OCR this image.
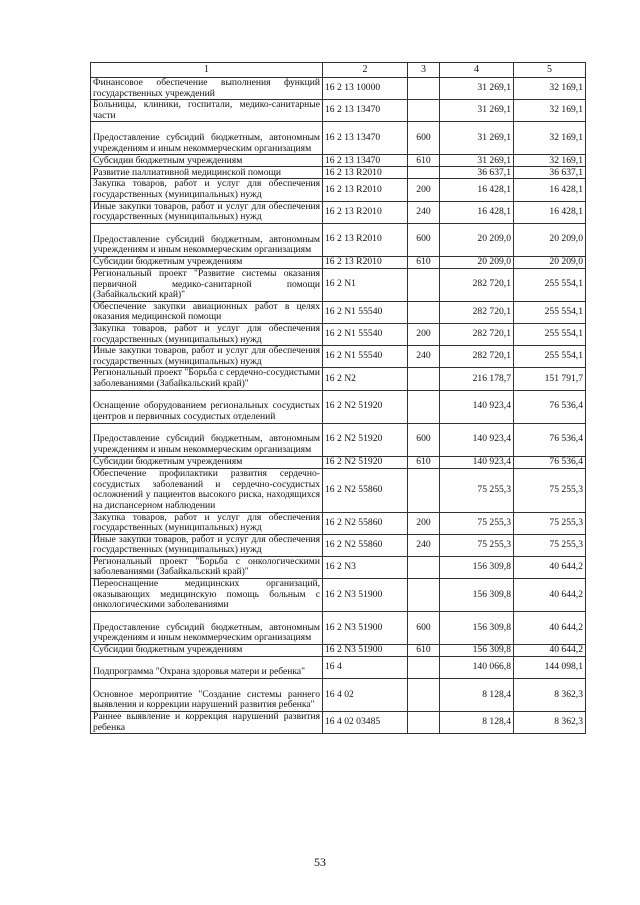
1	2	3	4	5
Финансовое обеспечение выполнения функций государственных учреждений	16 2 13 10000		31 269,1	32 169,1
Больницы, клиники, госпитали, медико-санитарные части	16 2 13 13470		31 269,1	32 169,1
Предоставление субсидий бюджетным, автономным учреждениям и иным некоммерческим организациям	16 2 13 13470	600	31 269,1	32 169,1
Субсидии бюджетным учреждениям	16 2 13 13470	610	31 269,1	32 169,1
Развитие паллиативной медицинской помощи	16 2 13 R2010		36 637,1	36 637,1
Закупка товаров, работ и услуг для обеспечения государственных (муниципальных) нужд	16 2 13 R2010	200	16 428,1	16 428,1
Иные закупки товаров, работ и услуг для обеспечения государственных (муниципальных) нужд	16 2 13 R2010	240	16 428,1	16 428,1
Предоставление субсидий бюджетным, автономным учреждениям и иным некоммерческим организациям	16 2 13 R2010	600	20 209,0	20 209,0
Субсидии бюджетным учреждениям	16 2 13 R2010	610	20 209,0	20 209,0
Региональный проект "Развитие системы оказания первичной медико-санитарной помощи (Забайкальский край)"	16 2 N1		282 720,1	255 554,1
Обеспечение закупки авиационных работ в целях оказания медицинской помощи	16 2 N1 55540		282 720,1	255 554,1
Закупка товаров, работ и услуг для обеспечения государственных (муниципальных) нужд	16 2 N1 55540	200	282 720,1	255 554,1
Иные закупки товаров, работ и услуг для обеспечения государственных (муниципальных) нужд	16 2 N1 55540	240	282 720,1	255 554,1
Региональный проект "Борьба с сердечно-сосудистыми заболеваниями (Забайкальский край)"	16 2 N2		216 178,7	151 791,7
Оснащение оборудованием региональных сосудистых центров и первичных сосудистых отделений	16 2 N2 51920		140 923,4	76 536,4
Предоставление субсидий бюджетным, автономным учреждениям и иным некоммерческим организациям	16 2 N2 51920	600	140 923,4	76 536,4
Субсидии бюджетным учреждениям	16 2 N2 51920	610	140 923,4	76 536,4
Обеспечение профилактики развития сердечно-сосудистых заболеваний и сердечно-сосудистых осложнений у пациентов высокого риска, находящихся на диспансерном наблюдении	16 2 N2 55860		75 255,3	75 255,3
Закупка товаров, работ и услуг для обеспечения государственных (муниципальных) нужд	16 2 N2 55860	200	75 255,3	75 255,3
Иные закупки товаров, работ и услуг для обеспечения государственных (муниципальных) нужд	16 2 N2 55860	240	75 255,3	75 255,3
Региональный проект "Борьба с онкологическими заболеваниями (Забайкальский край)"	16 2 N3		156 309,8	40 644,2
Переоснащение медицинских организаций, оказывающих медицинскую помощь больным с онкологическими заболеваниями	16 2 N3 51900		156 309,8	40 644,2
Предоставление субсидий бюджетным, автономным учреждениям и иным некоммерческим организациям	16 2 N3 51900	600	156 309,8	40 644,2
Субсидии бюджетным учреждениям	16 2 N3 51900	610	156 309,8	40 644,2
Подпрограмма "Охрана здоровья матери и ребенка"	16 4		140 066,8	144 098,1
Основное мероприятие "Создание системы раннего выявления и коррекции нарушений развития ребенка"	16 4 02		8 128,4	8 362,3
Раннее выявление и коррекция нарушений развития ребенка	16 4 02 03485		8 128,4	8 362,3
53
